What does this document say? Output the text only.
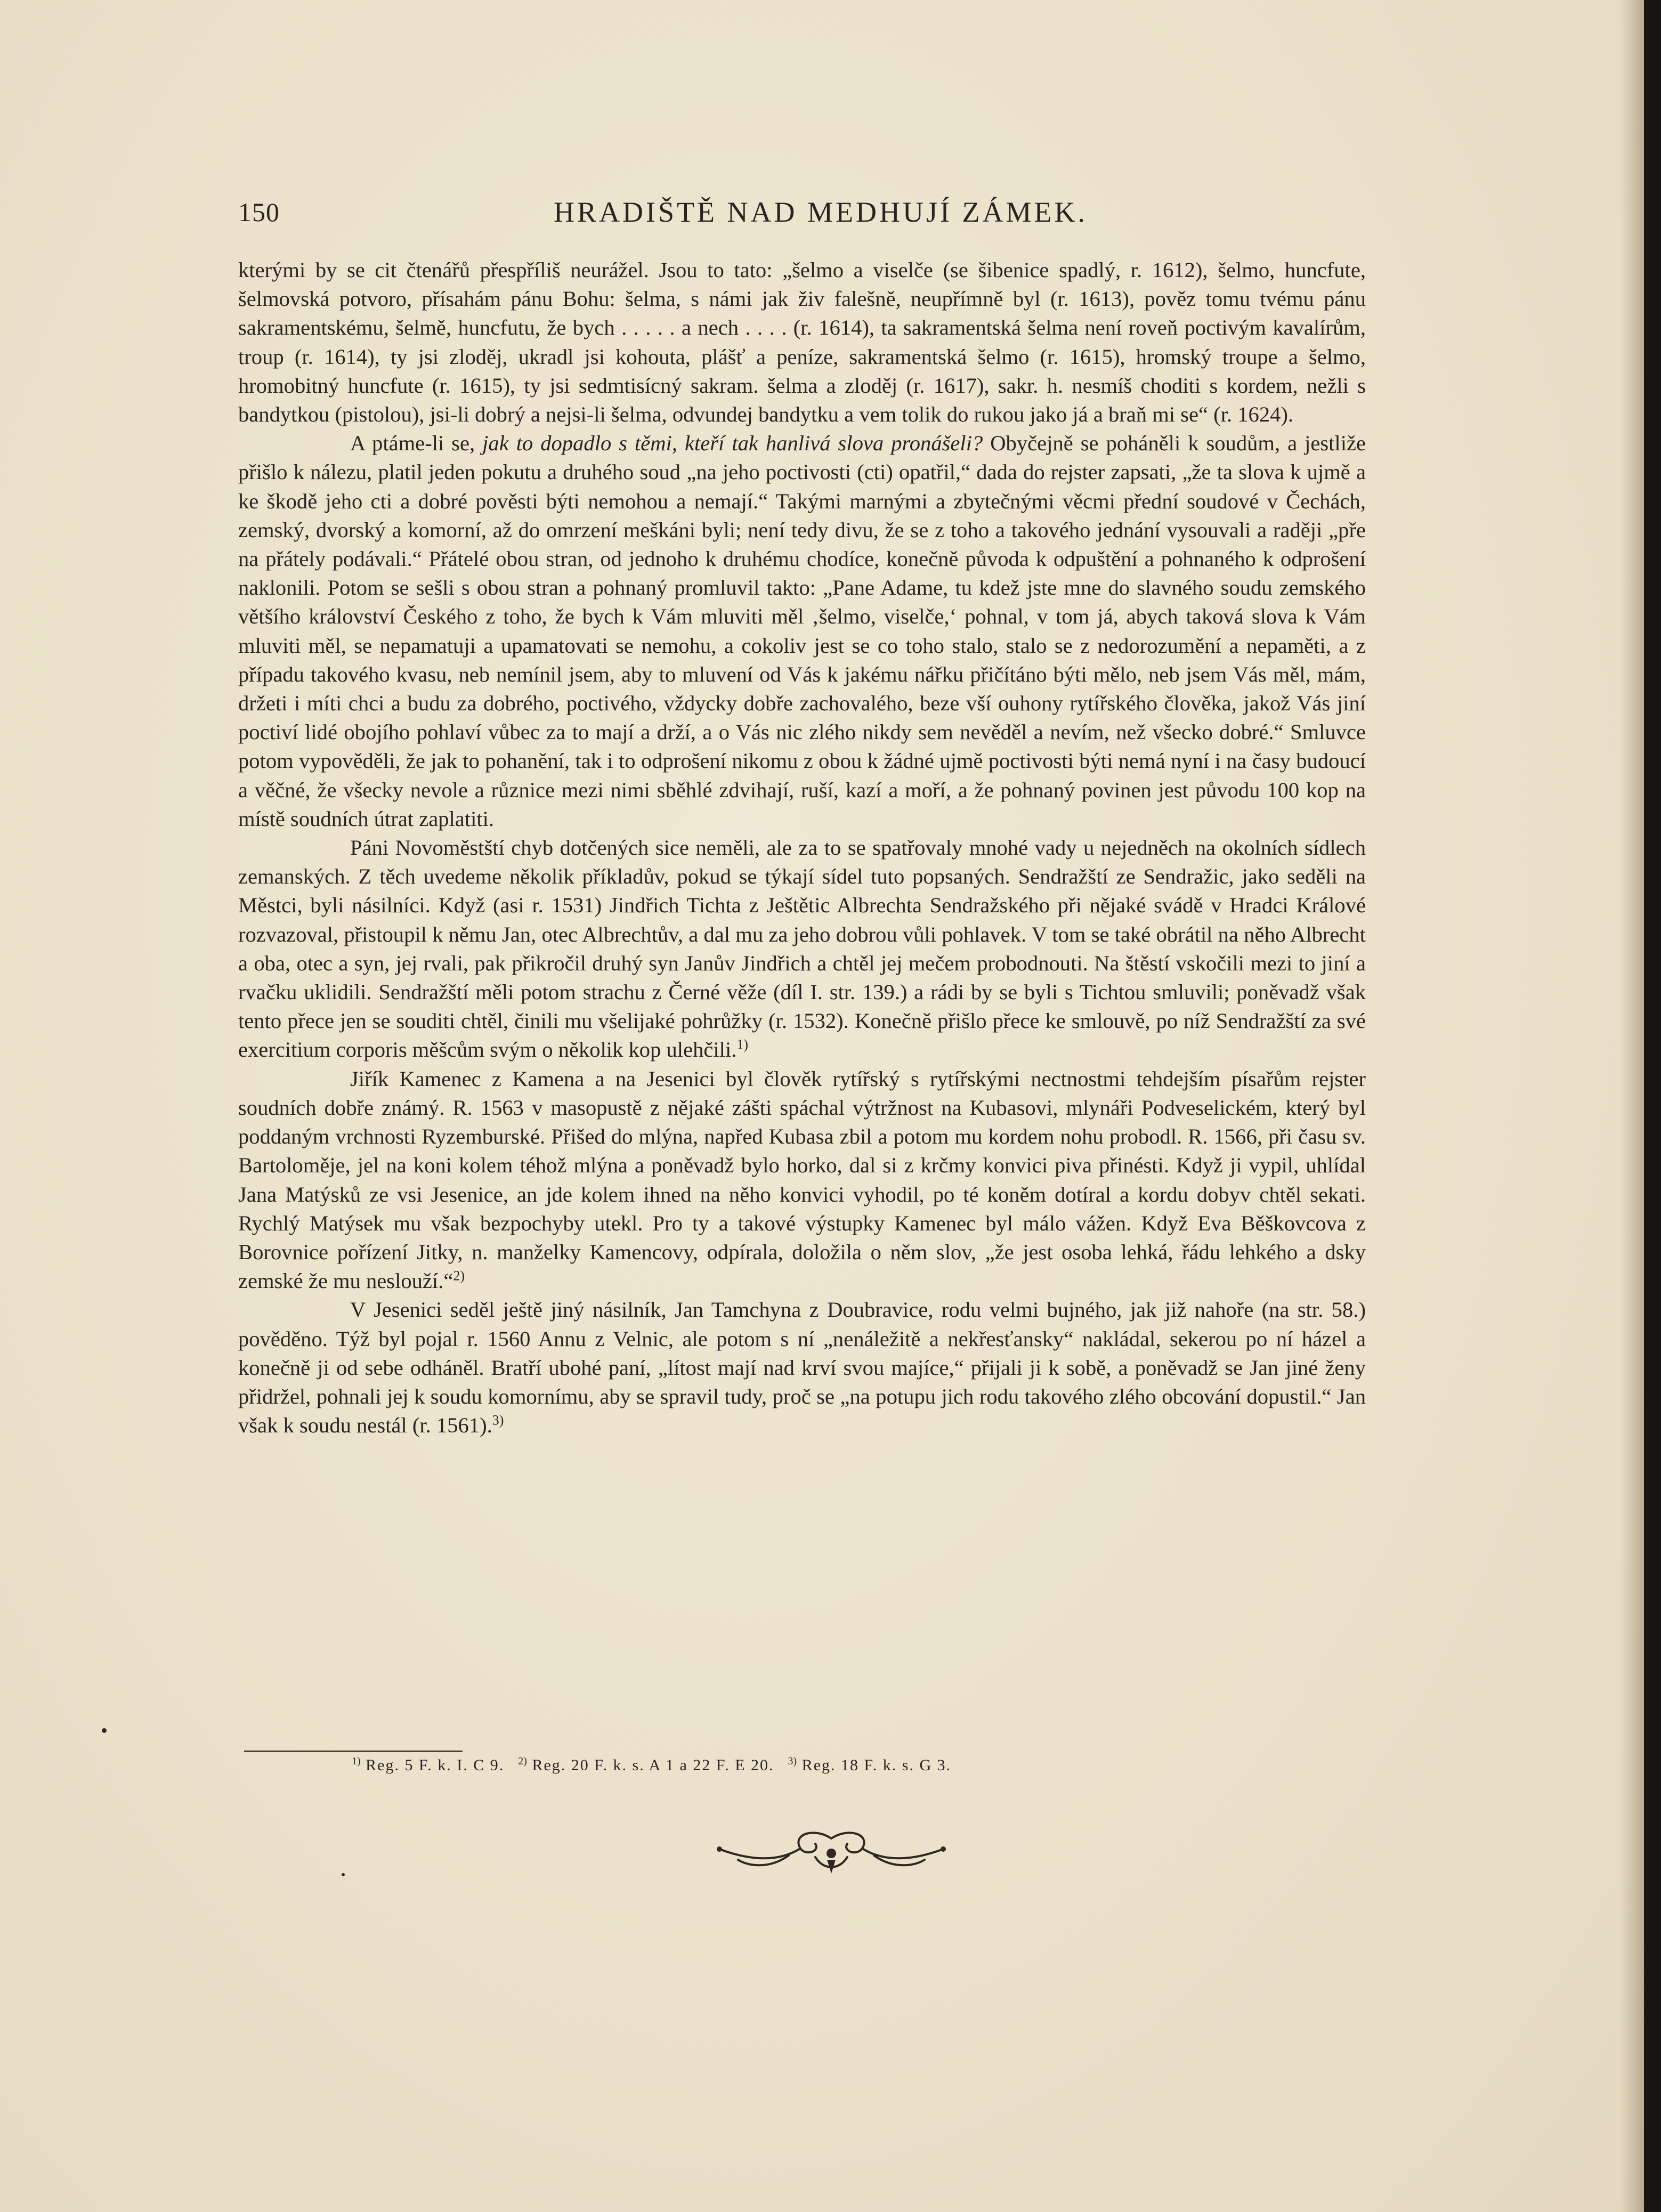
150	HRADIŠTĚ NAD MEDHUJÍ ZÁMEK.

kterými by se cit čtenářů přespříliš neurážel. Jsou to tato: „šelmo a viselče (se šibenice spadlý, r. 1612), šelmo, huncfute, šelmovská potvoro, přísahám pánu Bohu: šelma, s námi jak živ falešně, neupřímně byl (r. 1613), pověz tomu tvému pánu sakramentskému, šelmě, huncfutu, že bych . . . . . a nech . . . . (r. 1614), ta sakramentská šelma není roveň poctivým kavalírům, troup (r. 1614), ty jsi zloděj, ukradl jsi kohouta, plášť a peníze, sakramentská šelmo (r. 1615), hromský troupe a šelmo, hromobitný huncfute (r. 1615), ty jsi sedmtisícný sakram. šelma a zloděj (r. 1617), sakr. h. nesmíš choditi s kordem, nežli s bandytkou (pistolou), jsi-li dobrý a nejsi-li šelma, odvundej bandytku a vem tolik do rukou jako já a braň mi se“ (r. 1624).

A ptáme-li se, jak to dopadlo s těmi, kteří tak hanlivá slova pronášeli? Obyčejně se poháněli k soudům, a jestliže přišlo k nálezu, platil jeden pokutu a druhého soud „na jeho poctivosti (cti) opatřil,“ dada do rejster zapsati, „že ta slova k ujmě a ke škodě jeho cti a dobré pověsti býti nemohou a nemají.“ Takými marnými a zbytečnými věcmi přední soudové v Čechách, zemský, dvorský a komorní, až do omrzení meškáni byli; není tedy divu, že se z toho a takového jednání vysouvali a raději „pře na přátely podávali.“ Přátelé obou stran, od jednoho k druhému chodíce, konečně původa k odpuštění a pohnaného k odprošení naklonili. Potom se sešli s obou stran a pohnaný promluvil takto: „Pane Adame, tu kdež jste mne do slavného soudu zemského většího království Českého z toho, že bych k Vám mluviti měl ‚šelmo, viselče,‘ pohnal, v tom já, abych taková slova k Vám mluviti měl, se nepamatuji a upamatovati se nemohu, a cokoliv jest se co toho stalo, stalo se z nedorozumění a nepaměti, a z případu takového kvasu, neb nemínil jsem, aby to mluvení od Vás k jakému nářku přičítáno býti mělo, neb jsem Vás měl, mám, držeti i míti chci a budu za dobrého, poctivého, vždycky dobře zachovalého, beze vší ouhony rytířského člověka, jakož Vás jiní poctiví lidé obojího pohlaví vůbec za to mají a drží, a o Vás nic zlého nikdy sem nevěděl a nevím, než všecko dobré.“ Smluvce potom vypověděli, že jak to pohanění, tak i to odprošení nikomu z obou k žádné ujmě poctivosti býti nemá nyní i na časy budoucí a věčné, že všecky nevole a různice mezi nimi sběhlé zdvihají, ruší, kazí a moří, a že pohnaný povinen jest původu 100 kop na místě soudních útrat zaplatiti.

Páni Novoměstští chyb dotčených sice neměli, ale za to se spatřovaly mnohé vady u nejedněch na okolních sídlech zemanských. Z těch uvedeme několik příkladův, pokud se týkají sídel tuto popsaných. Sendražští ze Sendražic, jako seděli na Městci, byli násilníci. Když (asi r. 1531) Jindřich Tichta z Ještětic Albrechta Sendražského při nějaké svádě v Hradci Králové rozvazoval, přistoupil k němu Jan, otec Albrechtův, a dal mu za jeho dobrou vůli pohlavek. V tom se také obrátil na něho Albrecht a oba, otec a syn, jej rvali, pak přikročil druhý syn Janův Jindřich a chtěl jej mečem probodnouti. Na štěstí vskočili mezi to jiní a rvačku uklidili. Sendražští měli potom strachu z Černé věže (díl I. str. 139.) a rádi by se byli s Tichtou smluvili; poněvadž však tento přece jen se souditi chtěl, činili mu všelijaké pohrůžky (r. 1532). Konečně přišlo přece ke smlouvě, po níž Sendražští za své exercitium corporis měšcům svým o několik kop ulehčili.$^{1)}$

Jiřík Kamenec z Kamena a na Jesenici byl člověk rytířský s rytířskými nectnostmi tehdejším písařům rejster soudních dobře známý. R. 1563 v masopustě z nějaké zášti spáchal výtržnost na Kubasovi, mlynáři Podveselickém, který byl poddaným vrchnosti Ryzemburské. Přišed do mlýna, napřed Kubasa zbil a potom mu kordem nohu probodl. R. 1566, při času sv. Bartoloměje, jel na koni kolem téhož mlýna a poněvadž bylo horko, dal si z krčmy konvici piva přinésti. Když ji vypil, uhlídal Jana Matýsků ze vsi Jesenice, an jde kolem ihned na něho konvici vyhodil, po té koněm dotíral a kordu dobyv chtěl sekati. Rychlý Matýsek mu však bezpochyby utekl. Pro ty a takové výstupky Kamenec byl málo vážen. Když Eva Běškovcova z Borovnice pořízení Jitky, n. manželky Kamencovy, odpírala, doložila o něm slov, „že jest osoba lehká, řádu lehkého a dsky zemské že mu neslouží.“$^{2)}$

V Jesenici seděl ještě jiný násilník, Jan Tamchyna z Doubravice, rodu velmi bujného, jak již nahoře (na str. 58.) pověděno. Týž byl pojal r. 1560 Annu z Velnic, ale potom s ní „nenáležitě a nekřesťansky“ nakládal, sekerou po ní házel a konečně ji od sebe odháněl. Bratří ubohé paní, „lítost mají nad krví svou majíce,“ přijali ji k sobě, a poněvadž se Jan jiné ženy přidržel, pohnali jej k soudu komornímu, aby se spravil tudy, proč se „na potupu jich rodu takového zlého obcování dopustil.“ Jan však k soudu nestál (r. 1561).$^{3)}$

$^{1)}$ Reg. 5 F. k. I. C 9. $^{2)}$ Reg. 20 F. k. s. A 1 a 22 F. E 20. $^{3)}$ Reg. 18 F. k. s. G 3.
